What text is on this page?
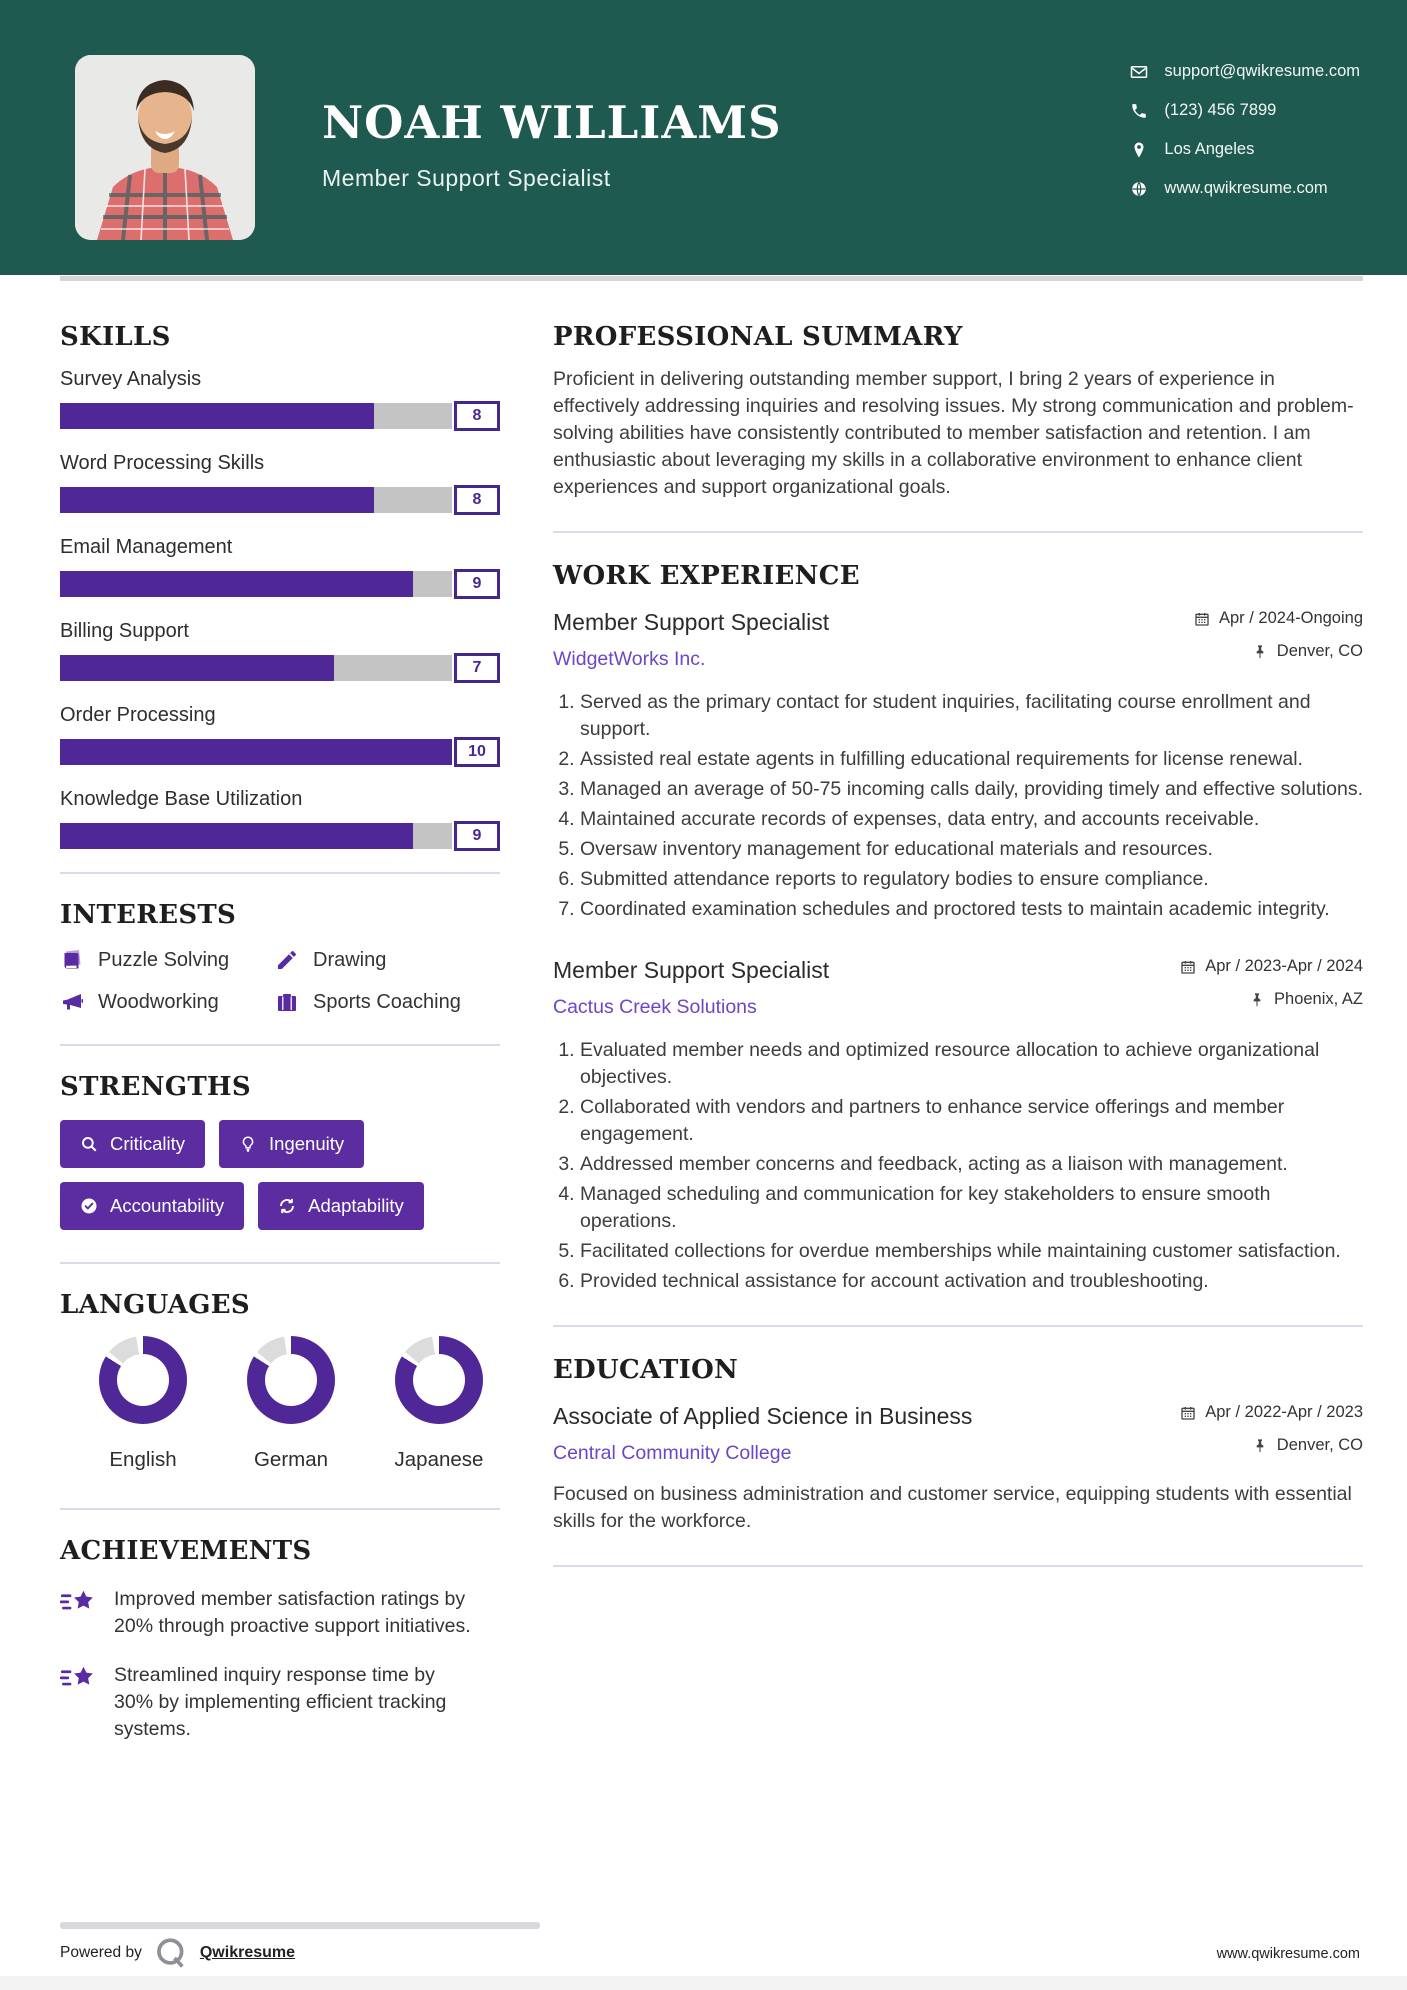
NOAH WILLIAMS
Member Support Specialist
support@qwikresume.com
(123) 456 7899
Los Angeles
www.qwikresume.com
SKILLS
Survey Analysis
8
Word Processing Skills
8
Email Management
9
Billing Support
7
Order Processing
10
Knowledge Base Utilization
9
INTERESTS
Puzzle Solving	Drawing
Woodworking	Sports Coaching
STRENGTHS
Criticality	Ingenuity
Accountability	Adaptability
LANGUAGES
English	German	Japanese
ACHIEVEMENTS
Improved member satisfaction ratings by 20% through proactive support initiatives.
Streamlined inquiry response time by 30% by implementing efficient tracking systems.
PROFESSIONAL SUMMARY
Proficient in delivering outstanding member support, I bring 2 years of experience in effectively addressing inquiries and resolving issues. My strong communication and problem-solving abilities have consistently contributed to member satisfaction and retention. I am enthusiastic about leveraging my skills in a collaborative environment to enhance client experiences and support organizational goals.
WORK EXPERIENCE
Member Support Specialist
WidgetWorks Inc.
Apr / 2024-Ongoing
Denver, CO
1. Served as the primary contact for student inquiries, facilitating course enrollment and support.
2. Assisted real estate agents in fulfilling educational requirements for license renewal.
3. Managed an average of 50-75 incoming calls daily, providing timely and effective solutions.
4. Maintained accurate records of expenses, data entry, and accounts receivable.
5. Oversaw inventory management for educational materials and resources.
6. Submitted attendance reports to regulatory bodies to ensure compliance.
7. Coordinated examination schedules and proctored tests to maintain academic integrity.
Member Support Specialist
Cactus Creek Solutions
Apr / 2023-Apr / 2024
Phoenix, AZ
1. Evaluated member needs and optimized resource allocation to achieve organizational objectives.
2. Collaborated with vendors and partners to enhance service offerings and member engagement.
3. Addressed member concerns and feedback, acting as a liaison with management.
4. Managed scheduling and communication for key stakeholders to ensure smooth operations.
5. Facilitated collections for overdue memberships while maintaining customer satisfaction.
6. Provided technical assistance for account activation and troubleshooting.
EDUCATION
Associate of Applied Science in Business
Central Community College
Apr / 2022-Apr / 2023
Denver, CO
Focused on business administration and customer service, equipping students with essential skills for the workforce.
Powered by	Qwikresume	www.qwikresume.com
